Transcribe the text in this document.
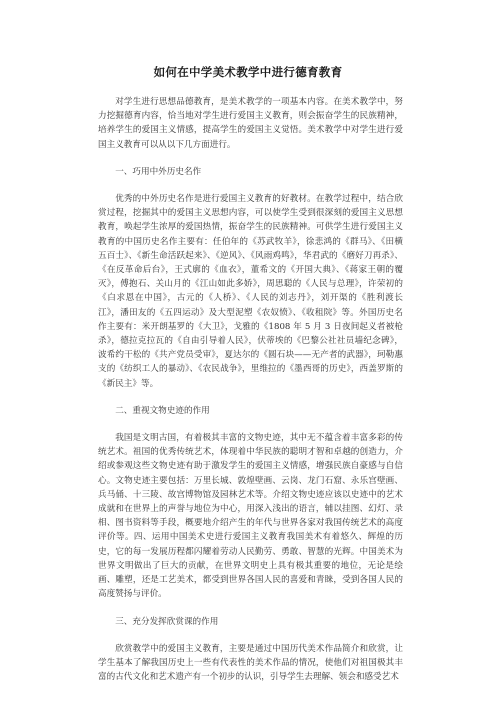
如何在中学美术教学中进行德育教育

对学生进行思想品德教育，是美术教学的一项基本内容。在美术教学中，努力挖掘德育内容，恰当地对学生进行爱国主义教育，则会振奋学生的民族精神，培养学生的爱国主义情感，提高学生的爱国主义觉悟。美术教学中对学生进行爱国主义教育可以从以下几方面进行。

一、巧用中外历史名作

优秀的中外历史名作是进行爱国主义教育的好教材。在教学过程中，结合欣赏过程，挖掘其中的爱国主义思想内容，可以使学生受到很深刻的爱国主义思想教育，唤起学生浓厚的爱国热情，振奋学生的民族精神。可供学生进行爱国主义教育的中国历史名作主要有：任伯年的《苏武牧羊》，徐悲鸿的《群马》、《田横五百士》、《新生命活跃起来》、《逆风》、《风雨鸡鸣》，华君武的《磨好刀再杀》、《在反革命后台》，王式廓的《血衣》，董希文的《开国大典》、《蒋家王朝的覆灭》，傅抱石、关山月的《江山如此多娇》，周思聪的《人民与总理》，许荣初的《白求恩在中国》，古元的《人桥》、《人民的刘志丹》，刘开渠的《胜利渡长江》，潘田友的《五四运动》及大型泥塑《农奴愤》、《收租院》等。外国历史名作主要有：米开朗基罗的《大卫》，戈雅的《1808 年 5 月 3 日夜间起义者被枪杀》，德拉克拉瓦的《自由引导着人民》，伏蒂埃的《巴黎公社社员墙纪念碑》，波希约干松的《共产党员受审》，夏达尔的《圆石块——无产者的武器》，珂勒惠支的《纺织工人的暴动》、《农民战争》，里维拉的《墨西哥的历史》，西盖罗斯的《新民主》等。

二、重视文物史迹的作用

我国是文明古国，有着极其丰富的文物史迹，其中无不蕴含着丰富多彩的传统艺术。祖国的优秀传统艺术，体现着中华民族的聪明才智和卓越的创造力，介绍或参观这些文物史迹有助于激发学生的爱国主义情感，增强民族自豪感与自信心。文物史迹主要包括：万里长城、敦煌壁画、云岗、龙门石窟、永乐宫壁画、兵马俑、十三陵、故宫博物馆及园林艺术等。介绍文物史迹应该以史迹中的艺术成就和在世界上的声誉与地位为中心，用深入浅出的语言，辅以挂图、幻灯、录相、图书资料等手段，概要地介绍产生的年代与世界各家对我国传统艺术的高度评价等。四、运用中国美术史进行爱国主义教育我国美术有着悠久、辉煌的历史，它的每一发展历程都闪耀着劳动人民勤劳、勇敢、智慧的光辉。中国美术为世界文明做出了巨大的贡献，在世界文明史上具有极其重要的地位，无论是绘画、雕塑，还是工艺美术，都受到世界各国人民的喜爱和青睐，受到各国人民的高度赞扬与评价。

三、充分发挥欣赏课的作用

欣赏教学中的爱国主义教育，主要是通过中国历代美术作品简介和欣赏，让学生基本了解我国历史上一些有代表性的美术作品的情况，使他们对祖国极其丰富的古代文化和艺术遗产有一个初步的认识，引导学生去理解、领会和感受艺术
